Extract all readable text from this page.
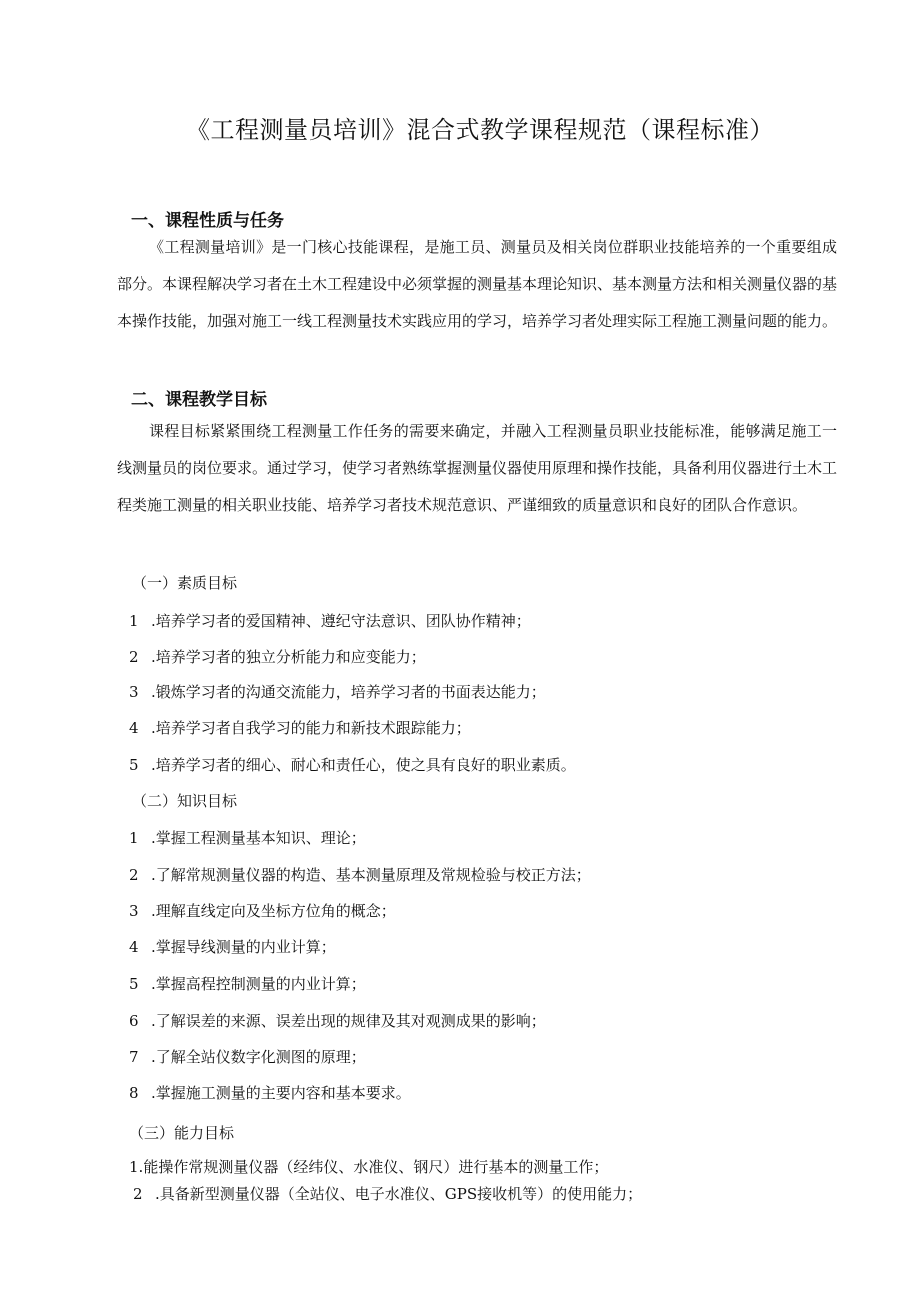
《工程测量员培训》混合式教学课程规范（课程标准）
一、课程性质与任务
《工程测量培训》是一门核心技能课程，是施工员、测量员及相关岗位群职业技能培养的一个重要组成部分。本课程解决学习者在土木工程建设中必须掌握的测量基本理论知识、基本测量方法和相关测量仪器的基本操作技能，加强对施工一线工程测量技术实践应用的学习，培养学习者处理实际工程施工测量问题的能力。
二、课程教学目标
课程目标紧紧围绕工程测量工作任务的需要来确定，并融入工程测量员职业技能标准，能够满足施工一线测量员的岗位要求。通过学习，使学习者熟练掌握测量仪器使用原理和操作技能，具备利用仪器进行土木工程类施工测量的相关职业技能、培养学习者技术规范意识、严谨细致的质量意识和良好的团队合作意识。
（一）素质目标
1 .培养学习者的爱国精神、遵纪守法意识、团队协作精神；
2 .培养学习者的独立分析能力和应变能力；
3 .锻炼学习者的沟通交流能力，培养学习者的书面表达能力；
4 .培养学习者自我学习的能力和新技术跟踪能力；
5 .培养学习者的细心、耐心和责任心，使之具有良好的职业素质。
（二）知识目标
1 .掌握工程测量基本知识、理论；
2 .了解常规测量仪器的构造、基本测量原理及常规检验与校正方法；
3 .理解直线定向及坐标方位角的概念；
4 .掌握导线测量的内业计算；
5 .掌握高程控制测量的内业计算；
6 .了解误差的来源、误差出现的规律及其对观测成果的影响；
7 .了解全站仪数字化测图的原理；
8 .掌握施工测量的主要内容和基本要求。
（三）能力目标
1.能操作常规测量仪器（经纬仪、水准仪、钢尺）进行基本的测量工作；
2 .具备新型测量仪器（全站仪、电子水准仪、GPS接收机等）的使用能力；
